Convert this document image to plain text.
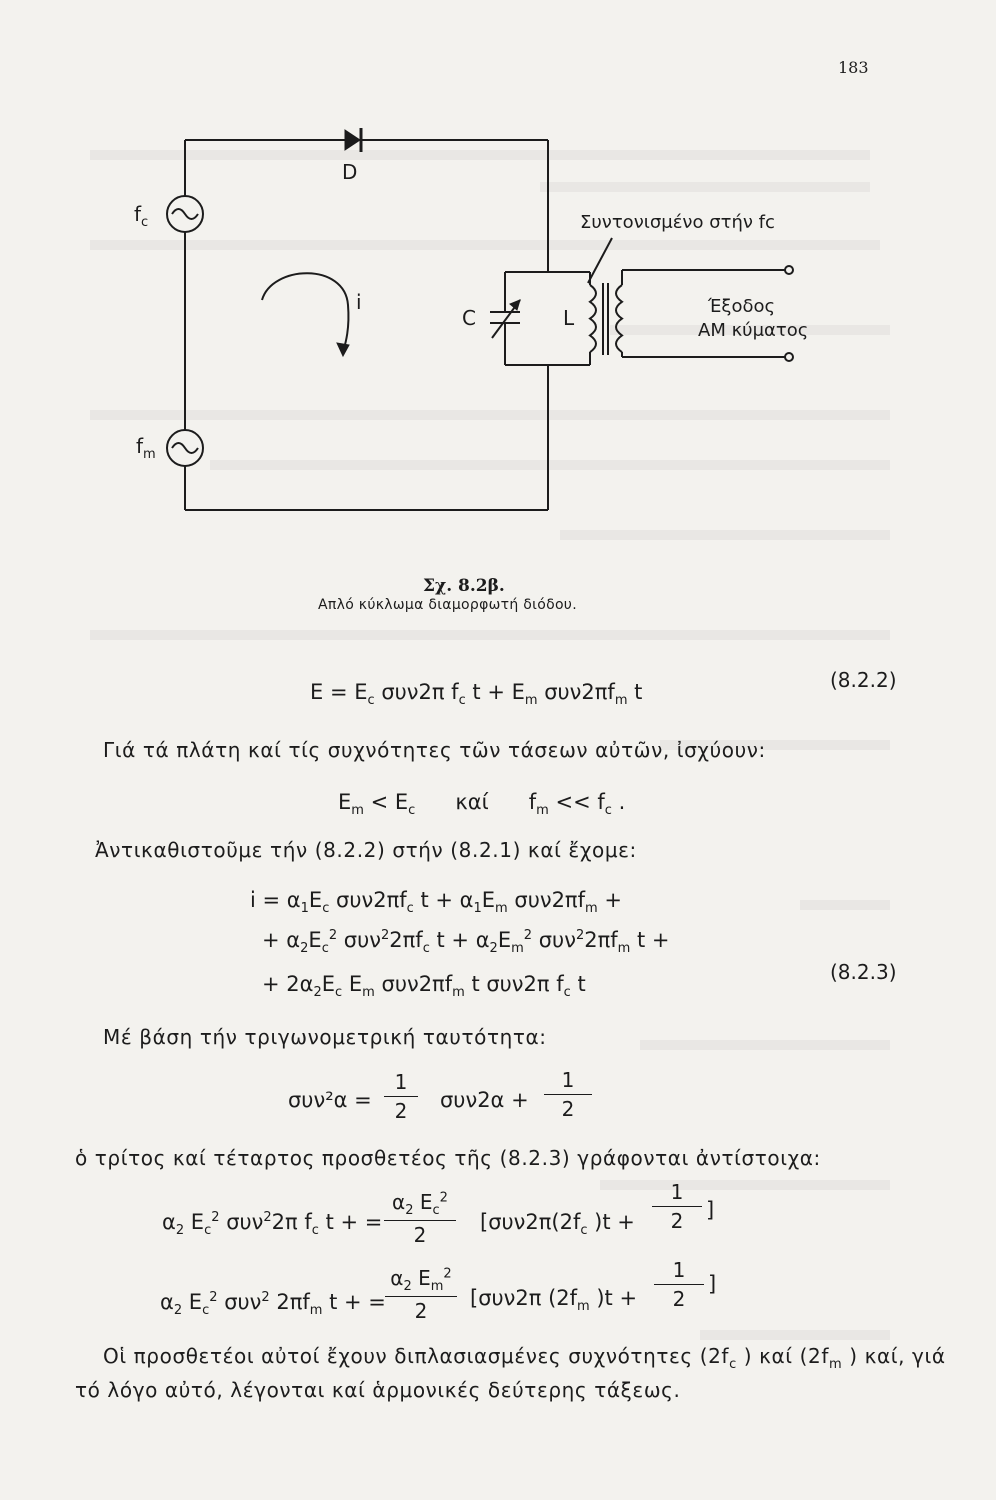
183
D
$f_c$
$f_m$
i
C	L
Συντονισμένο στήν fc
Έξοδος
ΑΜ κύματος
Σχ. 8.2β.
Απλό κύκλωμα διαμορφωτή διόδου.
$E = E_c$ συν2π $f_c$ $t + E_m$ $\sigma\upsilon\nu 2\pi f_m$ t	(8.2.2)
Γιά τά πλάτη καί τίς συχνότητες τῶν τάσεων αὐτῶν, ἰσχύουν:
$E_m < E_c$      καί      $f_m << f_c$ .
Ἀντικαθιστοῦμε τήν (8.2.2) στήν (8.2.1) καί ἔχομε:
$i = \alpha_1E_c$ $\sigma\upsilon\nu 2\pi f_c$ $t + \alpha_1E_m$ $\sigma\upsilon\nu 2\pi f_m$ +
+ $\alpha_2E_c^2$ $\sigma\upsilon\nu^22\pi f_c$ $t + \alpha_2E_m^2$ $\sigma\upsilon\nu^22\pi f_m$ t +
+ $2\alpha_2E_c$ $E_m$ $\sigma\upsilon\nu 2\pi f_m$ t συν2π $f_c$ t	(8.2.3)
Μέ βάση τήν τριγωνομετρική ταυτότητα:
συν²α =
1
2	συν2α +
1
2
ὁ τρίτος καί τέταρτος προσθετέος τῆς (8.2.3) γράφονται ἀντίστοιχα:
$\alpha_2$ $E_c^2$ συν$^2$2π $f_c$ t + =
$\alpha_2$ $E_c^2$
2
[$\sigma\upsilon\nu 2\pi(2f_c$ )t +
1
2	]
$\alpha_2$ $E_c^2$ συν$^2$ $2\pi f_m$ t + =
$\alpha_2$ $E_m^2$
2
[συν2π ($2f_m$ )t +
1
2
]
Οἱ προσθετέοι αὐτοί ἔχουν διπλασιασμένες συχνότητες ($2f_c$ ) καί ($2f_m$ ) καί, γιά
τό λόγο αὐτό, λέγονται καί ἁρμονικές δεύτερης τάξεως.
